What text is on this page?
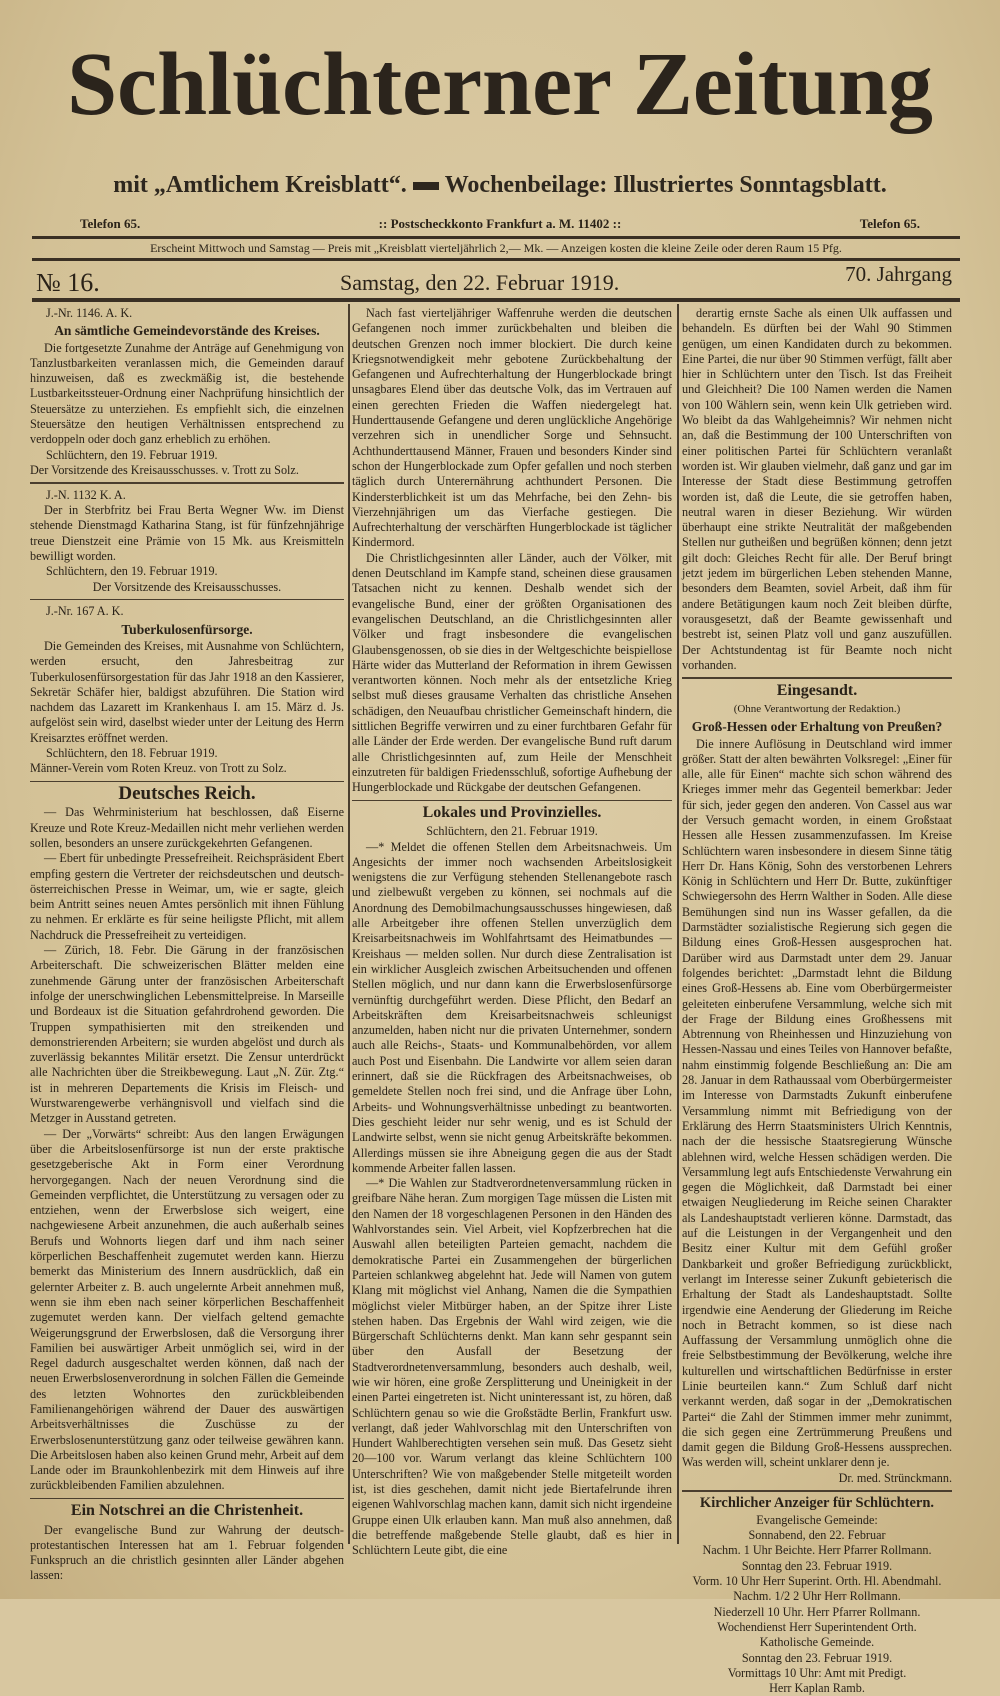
Schlüchterner Zeitung
mit „Amtlichem Kreisblatt“. Wochenbeilage: Illustriertes Sonntagsblatt.
Telefon 65.	:: Postscheckkonto Frankfurt a. M. 11402 ::	Telefon 65.
Erscheint Mittwoch und Samstag — Preis mit „Kreisblatt vierteljährlich 2,— Mk. — Anzeigen kosten die kleine Zeile oder deren Raum 15 Pfg.
№ 16.	Samstag, den 22. Februar 1919.	70. Jahrgang
J.-Nr. 1146. A. K.
An sämtliche Gemeindevorstände des Kreises.

Die fortgesetzte Zunahme der Anträge auf Genehmigung von Tanzlustbarkeiten veranlassen mich, die Gemeinden darauf hinzuweisen, daß es zweckmäßig ist, die bestehende Lustbarkeitssteuer-Ordnung einer Nachprüfung hinsichtlich der Steuersätze zu unterziehen. Es empfiehlt sich, die einzelnen Steuersätze den heutigen Verhältnissen entsprechend zu verdoppeln oder doch ganz erheblich zu erhöhen.

Schlüchtern, den 19. Februar 1919.
Der Vorsitzende des Kreisausschusses. v. Trott zu Solz.
J.-N. 1132 K. A.

Der in Sterbfritz bei Frau Berta Wegner Ww. im Dienst stehende Dienstmagd Katharina Stang, ist für fünfzehnjährige treue Dienstzeit eine Prämie von 15 Mk. aus Kreismitteln bewilligt worden.

Schlüchtern, den 19. Februar 1919.
Der Vorsitzende des Kreisausschusses.
J.-Nr. 167 A. K.
Tuberkulosenfürsorge.

Die Gemeinden des Kreises, mit Ausnahme von Schlüchtern, werden ersucht, den Jahresbeitrag zur Tuberkulosenfürsorgestation für das Jahr 1918 an den Kassierer, Sekretär Schäfer hier, baldigst abzuführen. Die Station wird nachdem das Lazarett im Krankenhaus I. am 15. März d. Js. aufgelöst sein wird, daselbst wieder unter der Leitung des Herrn Kreisarztes eröffnet werden.

Schlüchtern, den 18. Februar 1919.
Männer-Verein vom Roten Kreuz. von Trott zu Solz.
Deutsches Reich.

— Das Wehrministerium hat beschlossen, daß Eiserne Kreuze und Rote Kreuz-Medaillen nicht mehr verliehen werden sollen, besonders an unsere zurückgekehrten Gefangenen.

— Ebert für unbedingte Pressefreiheit. Reichspräsident Ebert empfing gestern die Vertreter der reichsdeutschen und deutsch-österreichischen Presse in Weimar, um, wie er sagte, gleich beim Antritt seines neuen Amtes persönlich mit ihnen Fühlung zu nehmen. Er erklärte es für seine heiligste Pflicht, mit allem Nachdruck die Pressefreiheit zu verteidigen.

— Zürich, 18. Febr. Die Gärung in der französischen Arbeiterschaft. Die schweizerischen Blätter melden eine zunehmende Gärung unter der französischen Arbeiterschaft infolge der unerschwinglichen Lebensmittelpreise. In Marseille und Bordeaux ist die Situation gefahrdrohend geworden. Die Truppen sympathisierten mit den streikenden und demonstrierenden Arbeitern; sie wurden abgelöst und durch als zuverlässig bekanntes Militär ersetzt. Die Zensur unterdrückt alle Nachrichten über die Streikbewegung. Laut „N. Zür. Ztg.“ ist in mehreren Departements die Krisis im Fleisch- und Wurstwarengewerbe verhängnisvoll und vielfach sind die Metzger in Ausstand getreten.

— Der „Vorwärts“ schreibt: Aus den langen Erwägungen über die Arbeitslosenfürsorge ist nun der erste praktische gesetzgeberische Akt in Form einer Verordnung hervorgegangen. Nach der neuen Verordnung sind die Gemeinden verpflichtet, die Unterstützung zu versagen oder zu entziehen, wenn der Erwerbslose sich weigert, eine nachgewiesene Arbeit anzunehmen, die auch außerhalb seines Berufs und Wohnorts liegen darf und ihm nach seiner körperlichen Beschaffenheit zugemutet werden kann. Hierzu bemerkt das Ministerium des Innern ausdrücklich, daß ein gelernter Arbeiter z. B. auch ungelernte Arbeit annehmen muß, wenn sie ihm eben nach seiner körperlichen Beschaffenheit zugemutet werden kann. Der vielfach geltend gemachte Weigerungsgrund der Erwerbslosen, daß die Versorgung ihrer Familien bei auswärtiger Arbeit unmöglich sei, wird in der Regel dadurch ausgeschaltet werden können, daß nach der neuen Erwerbslosenverordnung in solchen Fällen die Gemeinde des letzten Wohnortes den zurückbleibenden Familienangehörigen während der Dauer des auswärtigen Arbeitsverhältnisses die Zuschüsse zu der Erwerbslosenunterstützung ganz oder teilweise gewähren kann. Die Arbeitslosen haben also keinen Grund mehr, Arbeit auf dem Lande oder im Braunkohlenbezirk mit dem Hinweis auf ihre zurückbleibenden Familien abzulehnen.

Ein Notschrei an die Christenheit.

Der evangelische Bund zur Wahrung der deutsch-protestantischen Interessen hat am 1. Februar folgenden Funkspruch an die christlich gesinnten aller Länder abgehen lassen:

Nach fast vierteljähriger Waffenruhe werden die deutschen Gefangenen noch immer zurückbehalten und bleiben die deutschen Grenzen noch immer blockiert. Die durch keine Kriegsnotwendigkeit mehr gebotene Zurückbehaltung der Gefangenen und Aufrechterhaltung der Hungerblockade bringt unsagbares Elend über das deutsche Volk, das im Vertrauen auf einen gerechten Frieden die Waffen niedergelegt hat. Hunderttausende Gefangene und deren unglückliche Angehörige verzehren sich in unendlicher Sorge und Sehnsucht. Achthunderttausend Männer, Frauen und besonders Kinder sind schon der Hungerblockade zum Opfer gefallen und noch sterben täglich durch Unterernährung achthundert Personen. Die Kindersterblichkeit ist um das Mehrfache, bei den Zehn- bis Vierzehnjährigen um das Vierfache gestiegen. Die Aufrechterhaltung der verschärften Hungerblockade ist täglicher Kindermord.

Die Christlichgesinnten aller Länder, auch der Völker, mit denen Deutschland im Kampfe stand, scheinen diese grausamen Tatsachen nicht zu kennen. Deshalb wendet sich der evangelische Bund, einer der größten Organisationen des evangelischen Deutschland, an die Christlichgesinnten aller Völker und fragt insbesondere die evangelischen Glaubensgenossen, ob sie dies in der Weltgeschichte beispiellose Härte wider das Mutterland der Reformation in ihrem Gewissen verantworten können. Noch mehr als der entsetzliche Krieg selbst muß dieses grausame Verhalten das christliche Ansehen schädigen, den Neuaufbau christlicher Gemeinschaft hindern, die sittlichen Begriffe verwirren und zu einer furchtbaren Gefahr für alle Länder der Erde werden. Der evangelische Bund ruft darum alle Christlichgesinnten auf, zum Heile der Menschheit einzutreten für baldigen Friedensschluß, sofortige Aufhebung der Hungerblockade und Rückgabe der deutschen Gefangenen.

Lokales und Provinzielles.
Schlüchtern, den 21. Februar 1919.

—* Meldet die offenen Stellen dem Arbeitsnachweis. Um Angesichts der immer noch wachsenden Arbeitslosigkeit wenigstens die zur Verfügung stehenden Stellenangebote rasch und zielbewußt vergeben zu können, sei nochmals auf die Anordnung des Demobilmachungsausschusses hingewiesen, daß alle Arbeitgeber ihre offenen Stellen unverzüglich dem Kreisarbeitsnachweis im Wohlfahrtsamt des Heimatbundes — Kreishaus — melden sollen. Nur durch diese Zentralisation ist ein wirklicher Ausgleich zwischen Arbeitsuchenden und offenen Stellen möglich, und nur dann kann die Erwerbslosenfürsorge vernünftig durchgeführt werden. Diese Pflicht, den Bedarf an Arbeitskräften dem Kreisarbeitsnachweis schleunigst anzumelden, haben nicht nur die privaten Unternehmer, sondern auch alle Reichs-, Staats- und Kommunalbehörden, vor allem auch Post und Eisenbahn. Die Landwirte vor allem seien daran erinnert, daß sie die Rückfragen des Arbeitsnachweises, ob gemeldete Stellen noch frei sind, und die Anfrage über Lohn, Arbeits- und Wohnungsverhältnisse unbedingt zu beantworten. Dies geschieht leider nur sehr wenig, und es ist Schuld der Landwirte selbst, wenn sie nicht genug Arbeitskräfte bekommen. Allerdings müssen sie ihre Abneigung gegen die aus der Stadt kommende Arbeiter fallen lassen.

—* Die Wahlen zur Stadtverordnetenversammlung rücken in greifbare Nähe heran. Zum morgigen Tage müssen die Listen mit den Namen der 18 vorgeschlagenen Personen in den Händen des Wahlvorstandes sein. Viel Arbeit, viel Kopfzerbrechen hat die Auswahl allen beteiligten Parteien gemacht, nachdem die demokratische Partei ein Zusammengehen der bürgerlichen Parteien schlankweg abgelehnt hat. Jede will Namen von gutem Klang mit möglichst viel Anhang, Namen die die Sympathien möglichst vieler Mitbürger haben, an der Spitze ihrer Liste stehen haben. Das Ergebnis der Wahl wird zeigen, wie die Bürgerschaft Schlüchterns denkt. Man kann sehr gespannt sein über den Ausfall der Besetzung der Stadtverordnetenversammlung, besonders auch deshalb, weil, wie wir hören, eine große Zersplitterung und Uneinigkeit in der einen Partei eingetreten ist. Nicht uninteressant ist, zu hören, daß Schlüchtern genau so wie die Großstädte Berlin, Frankfurt usw. verlangt, daß jeder Wahlvorschlag mit den Unterschriften von Hundert Wahlberechtigten versehen sein muß. Das Gesetz sieht 20—100 vor. Warum verlangt das kleine Schlüchtern 100 Unterschriften? Wie von maßgebender Stelle mitgeteilt worden ist, ist dies geschehen, damit nicht jede Biertafelrunde ihren eigenen Wahlvorschlag machen kann, damit sich nicht irgendeine Gruppe einen Ulk erlauben kann. Man muß also annehmen, daß die betreffende maßgebende Stelle glaubt, daß es hier in Schlüchtern Leute gibt, die eine

derartig ernste Sache als einen Ulk auffassen und behandeln. Es dürften bei der Wahl 90 Stimmen genügen, um einen Kandidaten durch zu bekommen. Eine Partei, die nur über 90 Stimmen verfügt, fällt aber hier in Schlüchtern unter den Tisch. Ist das Freiheit und Gleichheit? Die 100 Namen werden die Namen von 100 Wählern sein, wenn kein Ulk getrieben wird. Wo bleibt da das Wahlgeheimnis? Wir nehmen nicht an, daß die Bestimmung der 100 Unterschriften von einer politischen Partei für Schlüchtern veranlaßt worden ist. Wir glauben vielmehr, daß ganz und gar im Interesse der Stadt diese Bestimmung getroffen worden ist, daß die Leute, die sie getroffen haben, neutral waren in dieser Beziehung. Wir würden überhaupt eine strikte Neutralität der maßgebenden Stellen nur gutheißen und begrüßen können; denn jetzt gilt doch: Gleiches Recht für alle. Der Beruf bringt jetzt jedem im bürgerlichen Leben stehenden Manne, besonders dem Beamten, soviel Arbeit, daß ihm für andere Betätigungen kaum noch Zeit bleiben dürfte, vorausgesetzt, daß der Beamte gewissenhaft und bestrebt ist, seinen Platz voll und ganz auszufüllen. Der Achtstundentag ist für Beamte noch nicht vorhanden.

Eingesandt.
(Ohne Verantwortung der Redaktion.)
Groß-Hessen oder Erhaltung von Preußen?

Die innere Auflösung in Deutschland wird immer größer. Statt der alten bewährten Volksregel: „Einer für alle, alle für Einen“ machte sich schon während des Krieges immer mehr das Gegenteil bemerkbar: Jeder für sich, jeder gegen den anderen. Von Cassel aus war der Versuch gemacht worden, in einem Großstaat Hessen alle Hessen zusammenzufassen. Im Kreise Schlüchtern waren insbesondere in diesem Sinne tätig Herr Dr. Hans König, Sohn des verstorbenen Lehrers König in Schlüchtern und Herr Dr. Butte, zukünftiger Schwiegersohn des Herrn Walther in Soden. Alle diese Bemühungen sind nun ins Wasser gefallen, da die Darmstädter sozialistische Regierung sich gegen die Bildung eines Groß-Hessen ausgesprochen hat. Darüber wird aus Darmstadt unter dem 29. Januar folgendes berichtet: „Darmstadt lehnt die Bildung eines Groß-Hessens ab. Eine vom Oberbürgermeister geleiteten einberufene Versammlung, welche sich mit der Frage der Bildung eines Großhessens mit Abtrennung von Rheinhessen und Hinzuziehung von Hessen-Nassau und eines Teiles von Hannover befaßte, nahm einstimmig folgende Beschließung an: Die am 28. Januar in dem Rathaussaal vom Oberbürgermeister im Interesse von Darmstadts Zukunft einberufene Versammlung nimmt mit Befriedigung von der Erklärung des Herrn Staatsministers Ulrich Kenntnis, nach der die hessische Staatsregierung Wünsche ablehnen wird, welche Hessen schädigen werden. Die Versammlung legt aufs Entschiedenste Verwahrung ein gegen die Möglichkeit, daß Darmstadt bei einer etwaigen Neugliederung im Reiche seinen Charakter als Landeshauptstadt verlieren könne. Darmstadt, das auf die Leistungen in der Vergangenheit und den Besitz einer Kultur mit dem Gefühl großer Dankbarkeit und großer Befriedigung zurückblickt, verlangt im Interesse seiner Zukunft gebieterisch die Erhaltung der Stadt als Landeshauptstadt. Sollte irgendwie eine Aenderung der Gliederung im Reiche noch in Betracht kommen, so ist diese nach Auffassung der Versammlung unmöglich ohne die freie Selbstbestimmung der Bevölkerung, welche ihre kulturellen und wirtschaftlichen Bedürfnisse in erster Linie beurteilen kann.“ Zum Schluß darf nicht verkannt werden, daß sogar in der „Demokratischen Partei“ die Zahl der Stimmen immer mehr zunimmt, die sich gegen eine Zertrümmerung Preußens und damit gegen die Bildung Groß-Hessens aussprechen. Was werden will, scheint unklarer denn je.

Dr. med. Strünckmann.
Kirchlicher Anzeiger für Schlüchtern.
Evangelische Gemeinde:
Sonnabend, den 22. Februar
Nachm. 1 Uhr Beichte. Herr Pfarrer Rollmann.
Sonntag den 23. Februar 1919.
Vorm. 10 Uhr Herr Superint. Orth. Hl. Abendmahl.
Nachm. 1/2 2 Uhr Herr Rollmann.
Niederzell 10 Uhr. Herr Pfarrer Rollmann.
Wochendienst Herr Superintendent Orth.
Katholische Gemeinde.
Sonntag den 23. Februar 1919.
Vormittags 10 Uhr: Amt mit Predigt.
Herr Kaplan Ramb.
